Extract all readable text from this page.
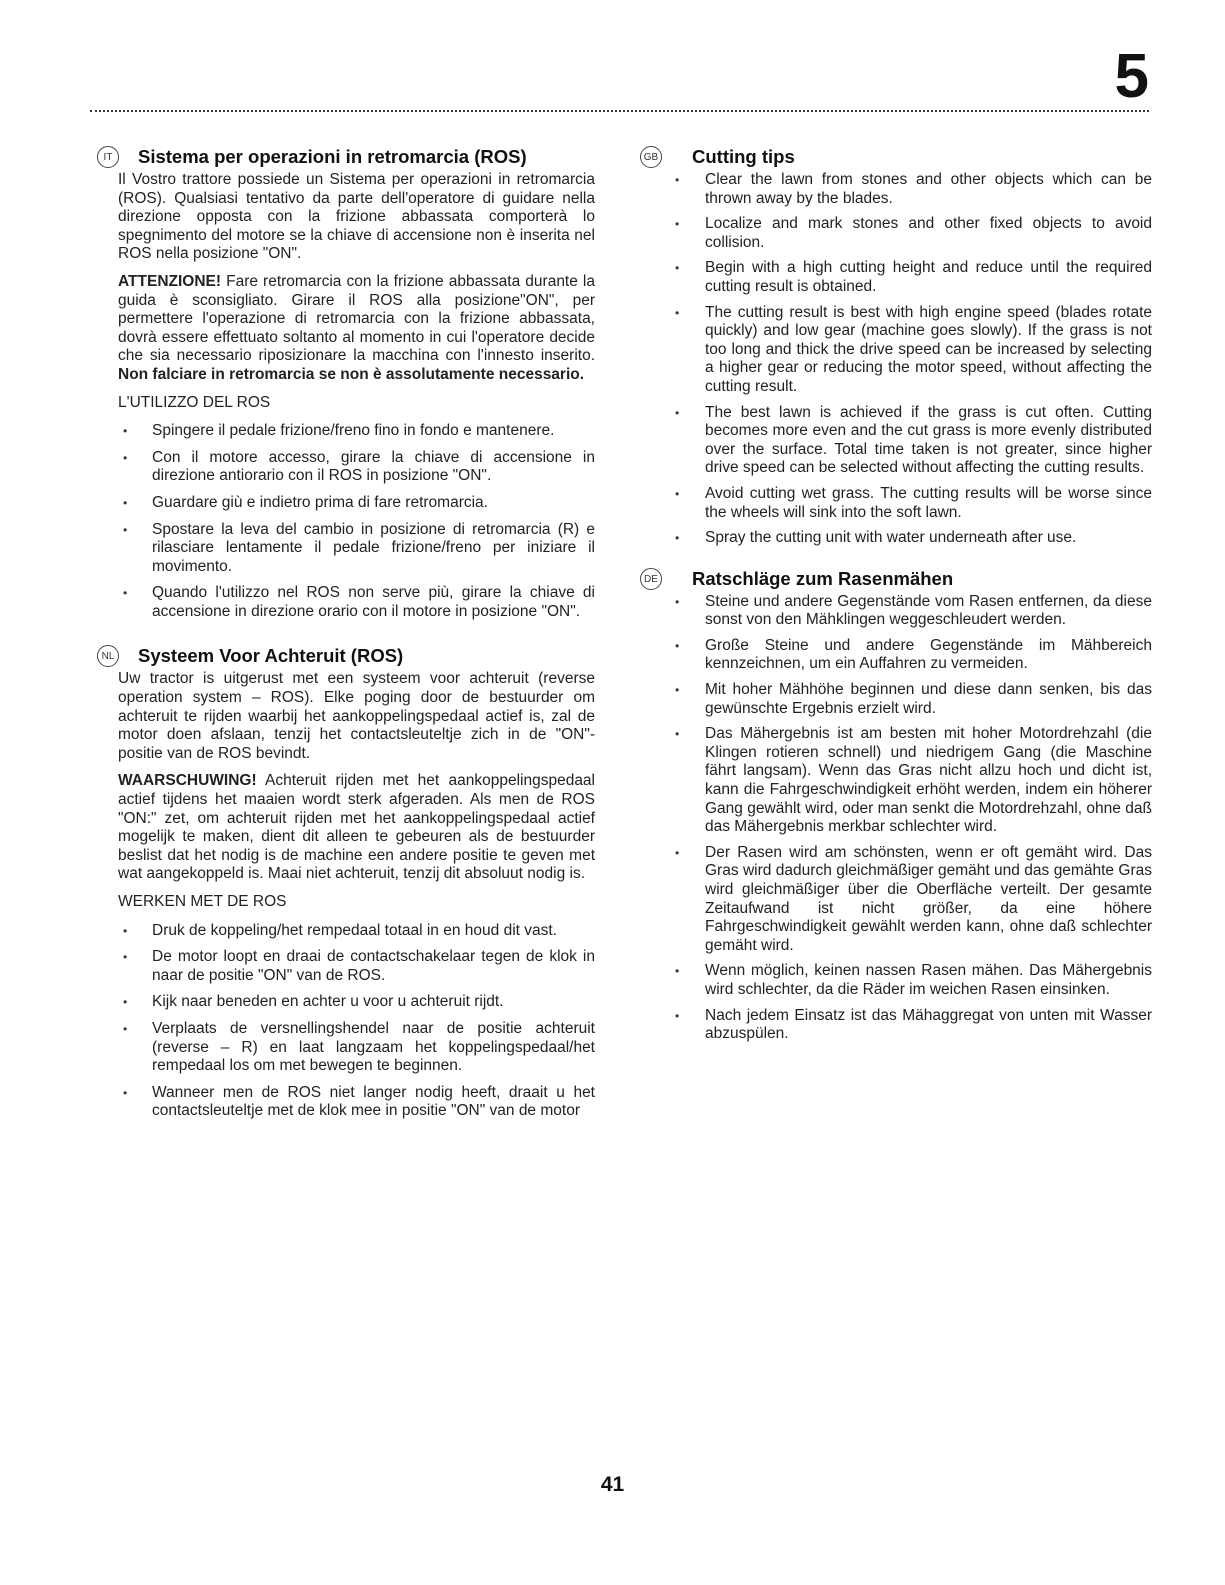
5
IT	Sistema per operazioni in retromarcia (ROS)

Il Vostro trattore possiede un Sistema per operazioni in retromarcia (ROS). Qualsiasi tentativo da parte dell'operatore di guidare nella direzione opposta con la frizione abbassata comporterà lo spegnimento del motore se la chiave di accensione non è inserita nel ROS nella posizione "ON".

ATTENZIONE! Fare retromarcia con la frizione abbassata durante la guida è sconsigliato. Girare il ROS alla posizione"ON", per permettere l'operazione di retromarcia con la frizione abbassata, dovrà essere effettuato soltanto al momento in cui l'operatore decide che sia necessario riposizionare la macchina con l'innesto inserito. Non falciare in retromarcia se non è assolutamente necessario.

L'UTILIZZO DEL ROS
• Spingere il pedale frizione/freno fino in fondo e mantenere.
• Con il motore accesso, girare la chiave di accensione in direzione antiorario con il ROS in posizione "ON".
• Guardare giù e indietro prima di fare retromarcia.
• Spostare la leva del cambio in posizione di retromarcia (R) e rilasciare lentamente il pedale frizione/freno per iniziare il movimento.
• Quando l'utilizzo nel ROS non serve più, girare la chiave di accensione in direzione orario con il motore in posizione "ON".
NL Systeem Voor Achteruit (ROS)

Uw tractor is uitgerust met een systeem voor achteruit (reverse operation system – ROS). Elke poging door de bestuurder om achteruit te rijden waarbij het aankoppelingspedaal actief is, zal de motor doen afslaan, tenzij het contactsleuteltje zich in de "ON"-positie van de ROS bevindt.

WAARSCHUWING! Achteruit rijden met het aankoppelingspedaal actief tijdens het maaien wordt sterk afgeraden. Als men de ROS "ON:" zet, om achteruit rijden met het aankoppelingspedaal actief mogelijk te maken, dient dit alleen te gebeuren als de bestuurder beslist dat het nodig is de machine een andere positie te geven met wat aangekoppeld is. Maai niet achteruit, tenzij dit absoluut nodig is.

WERKEN MET DE ROS
• Druk de koppeling/het rempedaal totaal in en houd dit vast.
• De motor loopt en draai de contactschakelaar tegen de klok in naar de positie "ON" van de ROS.
• Kijk naar beneden en achter u voor u achteruit rijdt.
• Verplaats de versnellingshendel naar de positie achteruit (reverse – R) en laat langzaam het koppelingspedaal/het rempedaal los om met bewegen te beginnen.
• Wanneer men de ROS niet langer nodig heeft, draait u het contactsleuteltje met de klok mee in positie "ON" van de motor
GB Cutting tips
• Clear the lawn from stones and other objects which can be thrown away by the blades.
• Localize and mark stones and other fixed objects to avoid collision.
• Begin with a high cutting height and reduce until the required cutting result is obtained.
• The cutting result is best with high engine speed (blades rotate quickly) and low gear (machine goes slowly). If the grass is not too long and thick the drive speed can be increased by selecting a higher gear or reducing the motor speed, without affecting the cutting result.
• The best lawn is achieved if the grass is cut often. Cutting becomes more even and the cut grass is more evenly distributed over the surface. Total time taken is not greater, since higher drive speed can be selected without affecting the cutting results.
• Avoid cutting wet grass. The cutting results will be worse since the wheels will sink into the soft lawn.
• Spray the cutting unit with water underneath after use.
DE Ratschläge zum Rasenmähen
• Steine und andere Gegenstände vom Rasen entfernen, da diese sonst von den Mähklingen weggeschleudert werden.
• Große Steine und andere Gegenstände im Mähbereich kennzeichnen, um ein Auffahren zu vermeiden.
• Mit hoher Mähhöhe beginnen und diese dann senken, bis das gewünschte Ergebnis erzielt wird.
• Das Mähergebnis ist am besten mit hoher Motordrehzahl (die Klingen rotieren schnell) und niedrigem Gang (die Maschine fährt langsam). Wenn das Gras nicht allzu hoch und dicht ist, kann die Fahrgeschwindigkeit erhöht werden, indem ein höherer Gang gewählt wird, oder man senkt die Motordrehzahl, ohne daß das Mähergebnis merkbar schlechter wird.
• Der Rasen wird am schönsten, wenn er oft gemäht wird. Das Gras wird dadurch gleichmäßiger gemäht und das gemähte Gras wird gleichmäßiger über die Oberfläche verteilt. Der gesamte Zeitaufwand ist nicht größer, da eine höhere Fahrgeschwindigkeit gewählt werden kann, ohne daß schlechter gemäht wird.
• Wenn möglich, keinen nassen Rasen mähen. Das Mähergebnis wird schlechter, da die Räder im weichen Rasen einsinken.
• Nach jedem Einsatz ist das Mähaggregat von unten mit Wasser abzuspülen.
41
